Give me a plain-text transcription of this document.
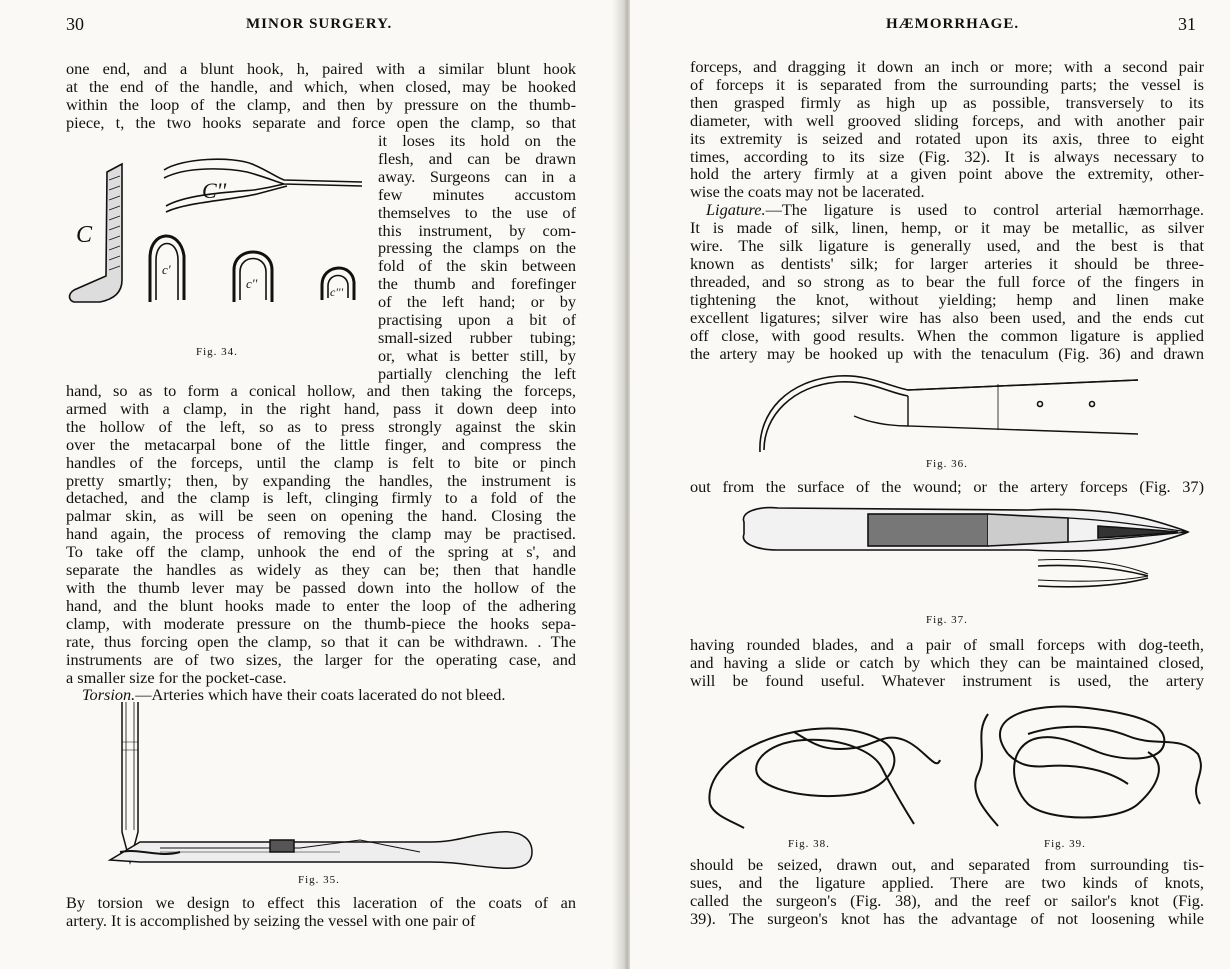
30	MINOR SURGERY.
one end, and a blunt hook, h, paired with a similar blunt hook
at the end of the handle, and which, when closed, may be hooked
within the loop of the clamp, and then by pressure on the thumb-
piece, t, the two hooks separate and force open the clamp, so that
it loses its hold on the
flesh, and can be drawn
away. Surgeons can in a
few minutes accustom
themselves to the use of
this instrument, by com-
pressing the clamps on the
fold of the skin between
the thumb and forefinger
of the left hand; or by
practising upon a bit of
small-sized rubber tubing;
or, what is better still, by
partially clenching the left
C
C''
c'
c''
c'''
Fig. 34.
hand, so as to form a conical hollow, and then taking the forceps,
armed with a clamp, in the right hand, pass it down deep into
the hollow of the left, so as to press strongly against the skin
over the metacarpal bone of the little finger, and compress the
handles of the forceps, until the clamp is felt to bite or pinch
pretty smartly; then, by expanding the handles, the instrument is
detached, and the clamp is left, clinging firmly to a fold of the
palmar skin, as will be seen on opening the hand. Closing the
hand again, the process of removing the clamp may be practised.
To take off the clamp, unhook the end of the spring at s', and
separate the handles as widely as they can be; then that handle
with the thumb lever may be passed down into the hollow of the
hand, and the blunt hooks made to enter the loop of the adhering
clamp, with moderate pressure on the thumb-piece the hooks sepa-
rate, thus forcing open the clamp, so that it can be withdrawn. . The
instruments are of two sizes, the larger for the operating case, and
a smaller size for the pocket-case.
Torsion.—Arteries which have their coats lacerated do not bleed.
Fig. 35.
By torsion we design to effect this laceration of the coats of an
artery. It is accomplished by seizing the vessel with one pair of
HÆMORRHAGE.	31
forceps, and dragging it down an inch or more; with a second pair
of forceps it is separated from the surrounding parts; the vessel is
then grasped firmly as high up as possible, transversely to its
diameter, with well grooved sliding forceps, and with another pair
its extremity is seized and rotated upon its axis, three to eight
times, according to its size (Fig. 32). It is always necessary to
hold the artery firmly at a given point above the extremity, other-
wise the coats may not be lacerated.
Ligature.—The ligature is used to control arterial hæmorrhage.
It is made of silk, linen, hemp, or it may be metallic, as silver
wire. The silk ligature is generally used, and the best is that
known as dentists' silk; for larger arteries it should be three-
threaded, and so strong as to bear the full force of the fingers in
tightening the knot, without yielding; hemp and linen make
excellent ligatures; silver wire has also been used, and the ends cut
off close, with good results. When the common ligature is applied
the artery may be hooked up with the tenaculum (Fig. 36) and drawn
Fig. 36.
out from the surface of the wound; or the artery forceps (Fig. 37)
Fig. 37.
having rounded blades, and a pair of small forceps with dog-teeth,
and having a slide or catch by which they can be maintained closed,
will be found useful. Whatever instrument is used, the artery
Fig. 38.	Fig. 39.
should be seized, drawn out, and separated from surrounding tis-
sues, and the ligature applied. There are two kinds of knots,
called the surgeon's (Fig. 38), and the reef or sailor's knot (Fig.
39). The surgeon's knot has the advantage of not loosening while
